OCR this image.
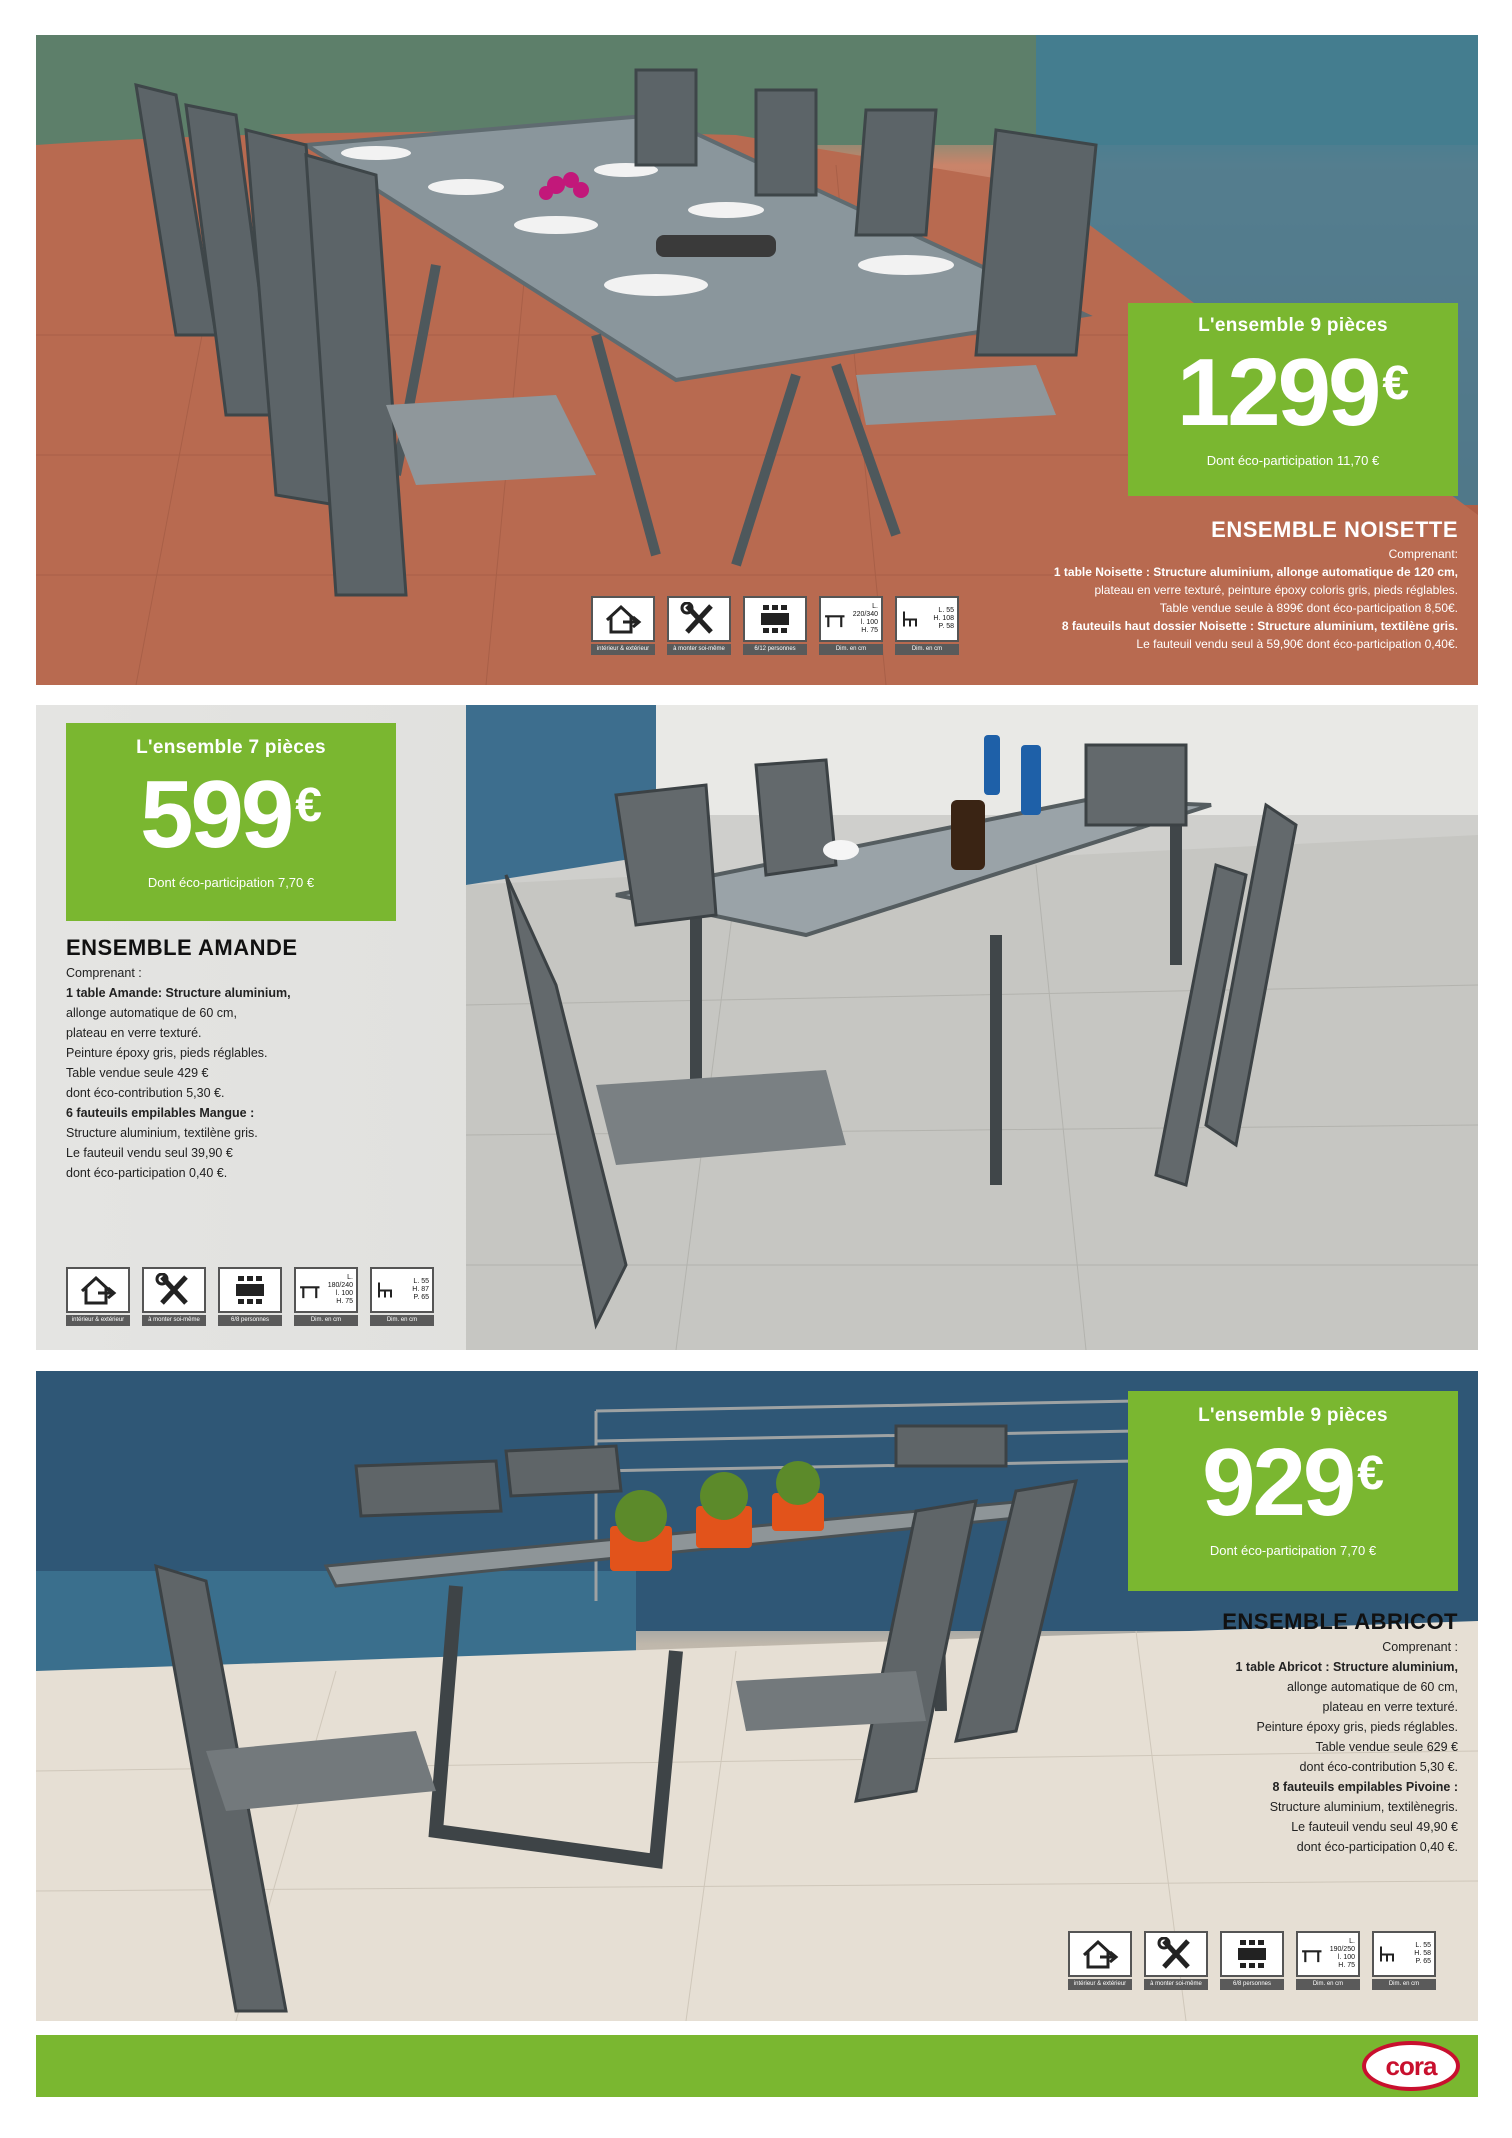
L'ensemble 9 pièces
1299€
Dont éco-participation 11,70 €
ENSEMBLE NOISETTE
Comprenant:
1 table Noisette : Structure aluminium, allonge automatique de 120 cm,
plateau en verre texturé, peinture époxy coloris gris, pieds réglables.
Table vendue seule à 899€ dont éco-participation 8,50€.
8 fauteuils haut dossier Noisette : Structure aluminium, textilène gris.
Le fauteuil vendu seul à 59,90€ dont éco-participation 0,40€.
intérieur & extérieur	à monter soi-même	6/12 personnes
L. 220/340
l. 100
H. 75
Dim. en cm
L. 55
H. 108
P. 58
Dim. en cm
L'ensemble 7 pièces
599€
Dont éco-participation 7,70 €
ENSEMBLE AMANDE
Comprenant :
1 table Amande: Structure aluminium,
allonge automatique de 60 cm,
plateau en verre texturé.
Peinture époxy gris, pieds réglables.
Table vendue seule 429 €
dont éco-contribution 5,30 €.
6 fauteuils empilables Mangue :
Structure aluminium, textilène gris.
Le fauteuil vendu seul 39,90 €
dont éco-participation 0,40 €.
intérieur & extérieur	à monter soi-même	6/8 personnes
L. 180/240
l. 100
H. 75
Dim. en cm
L. 55
H. 87
P. 65
Dim. en cm
L'ensemble 9 pièces
929€
Dont éco-participation 7,70 €
ENSEMBLE ABRICOT
Comprenant :
1 table Abricot : Structure aluminium,
allonge automatique de 60 cm,
plateau en verre texturé.
Peinture époxy gris, pieds réglables.
Table vendue seule 629 €
dont éco-contribution 5,30 €.
8 fauteuils empilables Pivoine :
Structure aluminium, textilènegris.
Le fauteuil vendu seul 49,90 €
dont éco-participation 0,40 €.
intérieur & extérieur	à monter soi-même	6/8 personnes
L. 190/250
l. 100
H. 75
Dim. en cm
L. 55
H. 58
P. 65
Dim. en cm
cora
